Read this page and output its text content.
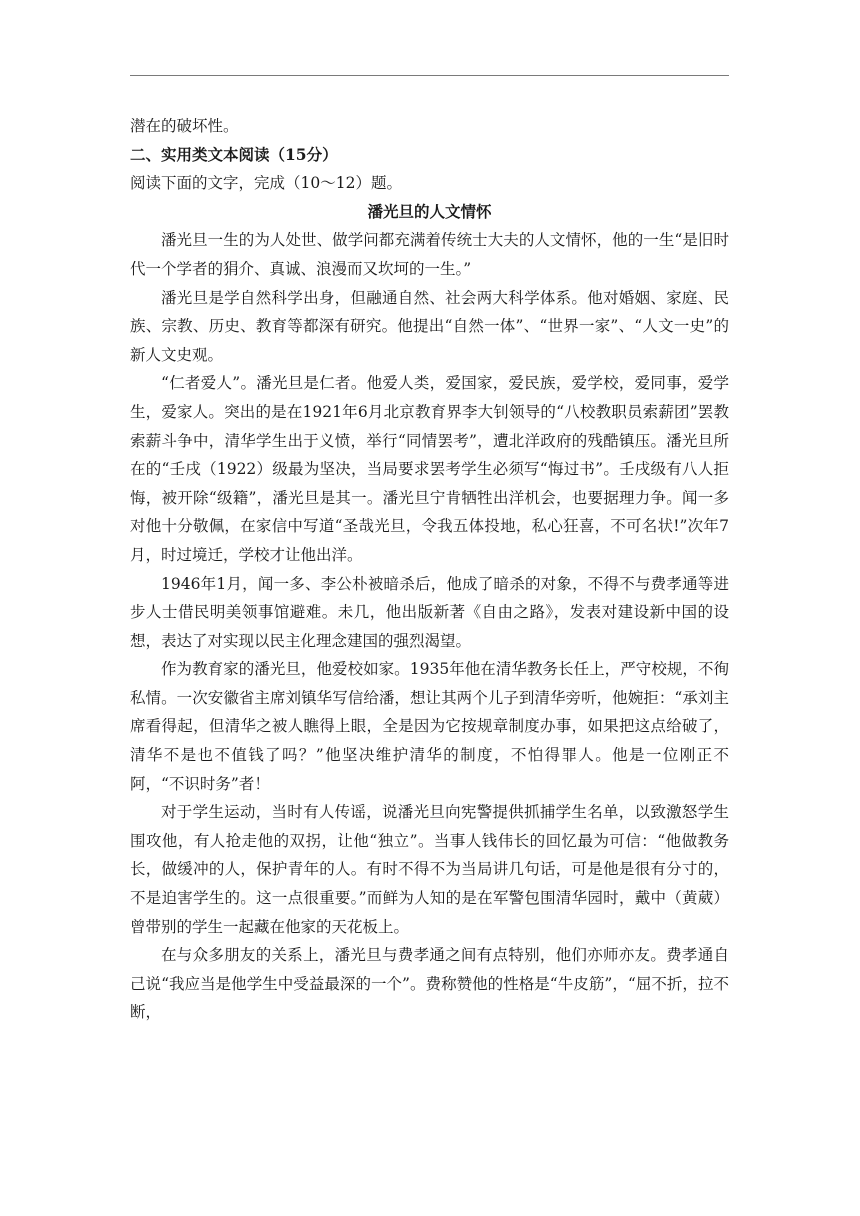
潜在的破坏性。

二、实用类文本阅读（15分）

阅读下面的文字，完成（10～12）题。

潘光旦的人文情怀

潘光旦一生的为人处世、做学问都充满着传统士大夫的人文情怀，他的一生“是旧时代一个学者的狷介、真诚、浪漫而又坎坷的一生。”

潘光旦是学自然科学出身，但融通自然、社会两大科学体系。他对婚姻、家庭、民族、宗教、历史、教育等都深有研究。他提出“自然一体”、“世界一家”、“人文一史”的新人文史观。

“仁者爱人”。潘光旦是仁者。他爱人类，爱国家，爱民族，爱学校，爱同事，爱学生，爱家人。突出的是在1921年6月北京教育界李大钊领导的“八校教职员索薪团”罢教索薪斗争中，清华学生出于义愤，举行“同情罢考”，遭北洋政府的残酷镇压。潘光旦所在的“壬戌（1922）级最为坚决，当局要求罢考学生必须写“悔过书”。壬戌级有八人拒悔，被开除“级籍”，潘光旦是其一。潘光旦宁肯牺牲出洋机会，也要据理力争。闻一多对他十分敬佩，在家信中写道“圣哉光旦，令我五体投地，私心狂喜，不可名状!”次年7月，时过境迁，学校才让他出洋。

1946年1月，闻一多、李公朴被暗杀后，他成了暗杀的对象，不得不与费孝通等进步人士借民明美领事馆避难。未几，他出版新著《自由之路》，发表对建设新中国的设想，表达了对实现以民主化理念建国的强烈渴望。

作为教育家的潘光旦，他爱校如家。1935年他在清华教务长任上，严守校规，不徇私情。一次安徽省主席刘镇华写信给潘，想让其两个儿子到清华旁听，他婉拒：“承刘主席看得起，但清华之被人瞧得上眼，全是因为它按规章制度办事，如果把这点给破了，清华不是也不值钱了吗？”他坚决维护清华的制度，不怕得罪人。他是一位刚正不阿，“不识时务”者！

对于学生运动，当时有人传谣，说潘光旦向宪警提供抓捕学生名单，以致激怒学生围攻他，有人抢走他的双拐，让他“独立”。当事人钱伟长的回忆最为可信：“他做教务长，做缓冲的人，保护青年的人。有时不得不为当局讲几句话，可是他是很有分寸的，不是迫害学生的。这一点很重要。”而鲜为人知的是在军警包围清华园时，戴中（黄葳）曾带别的学生一起藏在他家的天花板上。

在与众多朋友的关系上，潘光旦与费孝通之间有点特别，他们亦师亦友。费孝通自己说“我应当是他学生中受益最深的一个”。费称赞他的性格是“牛皮筋”，“屈不折，拉不断，
